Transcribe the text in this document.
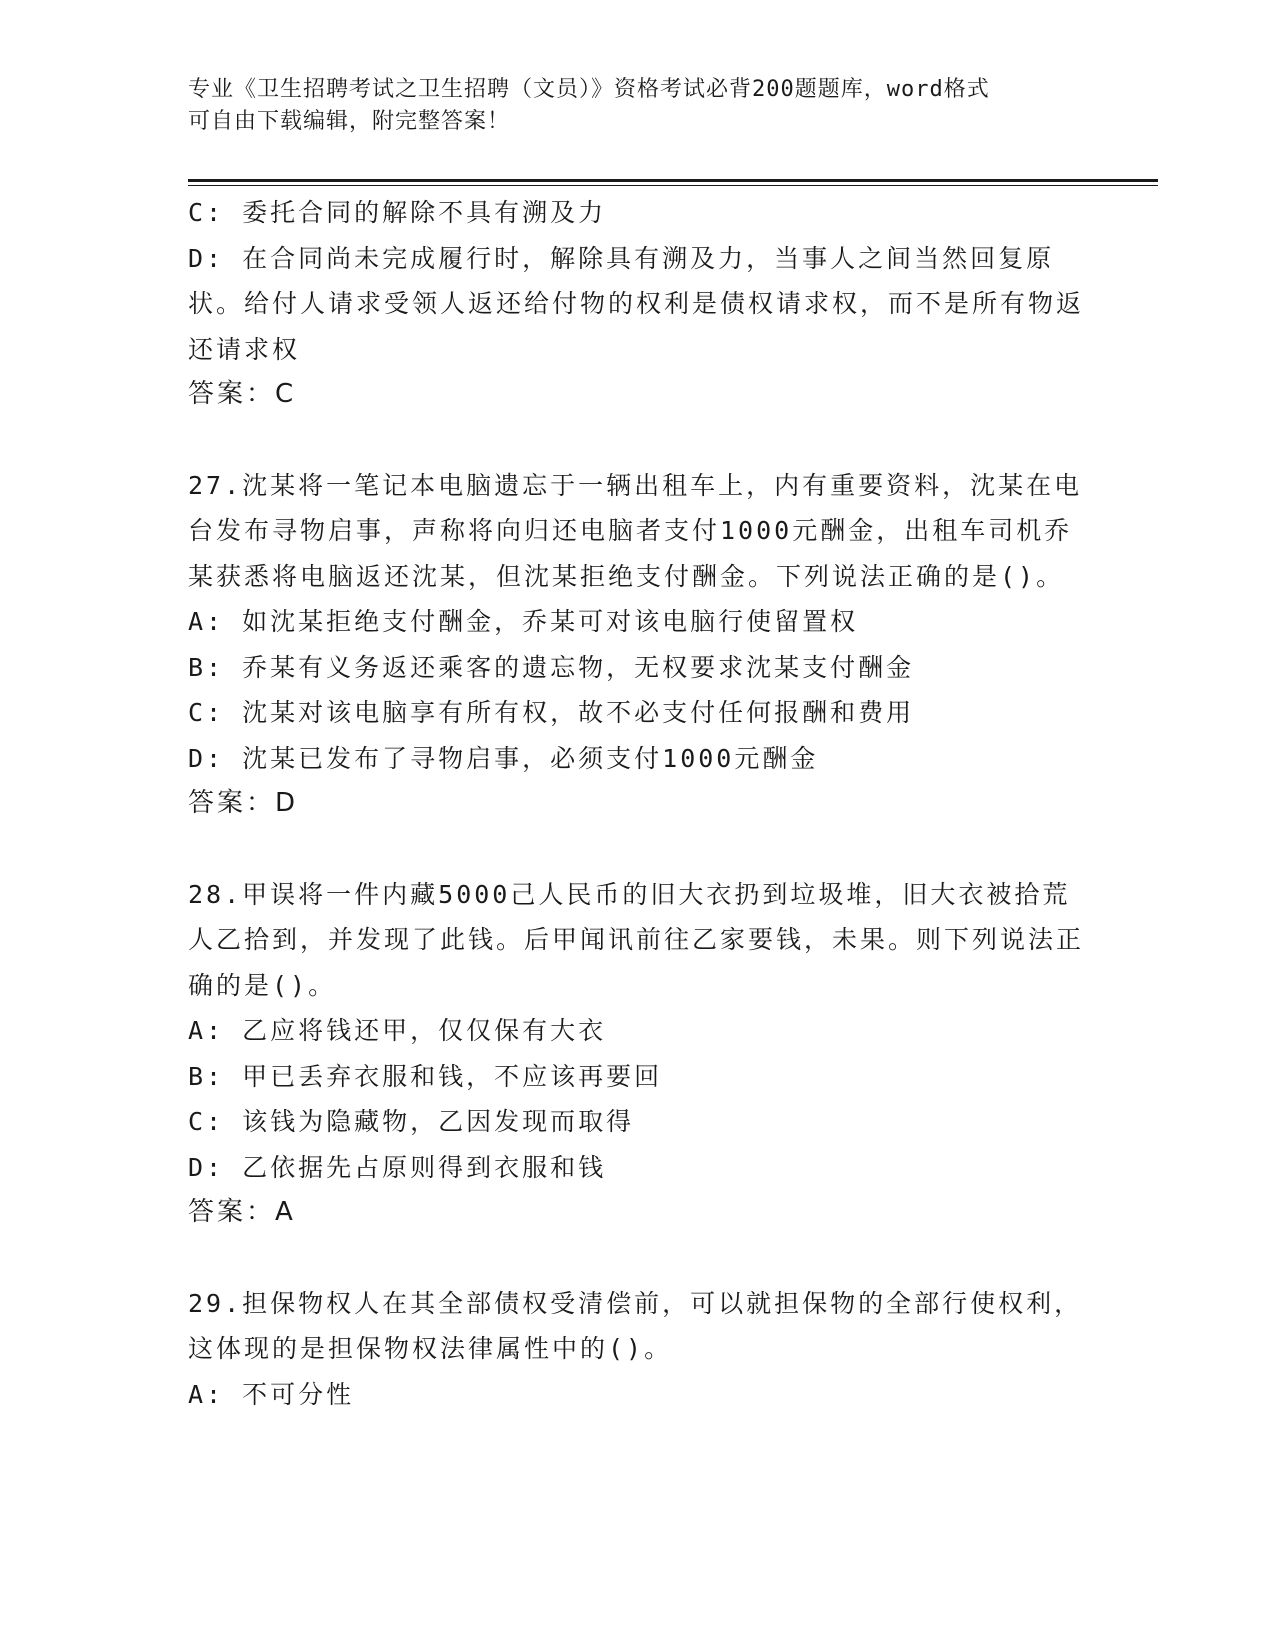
专业《卫生招聘考试之卫生招聘（文员）》资格考试必背200题题库，word格式
可自由下载编辑，附完整答案！

C: 委托合同的解除不具有溯及力

D: 在合同尚未完成履行时，解除具有溯及力，当事人之间当然回复原状。给付人请求受领人返还给付物的权利是债权请求权，而不是所有物返还请求权

答案：C

27.沈某将一笔记本电脑遗忘于一辆出租车上，内有重要资料，沈某在电台发布寻物启事，声称将向归还电脑者支付1000元酬金，出租车司机乔某获悉将电脑返还沈某，但沈某拒绝支付酬金。下列说法正确的是()。

A: 如沈某拒绝支付酬金，乔某可对该电脑行使留置权

B: 乔某有义务返还乘客的遗忘物，无权要求沈某支付酬金

C: 沈某对该电脑享有所有权，故不必支付任何报酬和费用

D: 沈某已发布了寻物启事，必须支付1000元酬金

答案：D

28.甲误将一件内藏5000己人民币的旧大衣扔到垃圾堆，旧大衣被拾荒人乙拾到，并发现了此钱。后甲闻讯前往乙家要钱，未果。则下列说法正确的是()。

A: 乙应将钱还甲，仅仅保有大衣

B: 甲已丢弃衣服和钱，不应该再要回

C: 该钱为隐藏物，乙因发现而取得

D: 乙依据先占原则得到衣服和钱

答案：A

29.担保物权人在其全部债权受清偿前，可以就担保物的全部行使权利，这体现的是担保物权法律属性中的()。

A: 不可分性
